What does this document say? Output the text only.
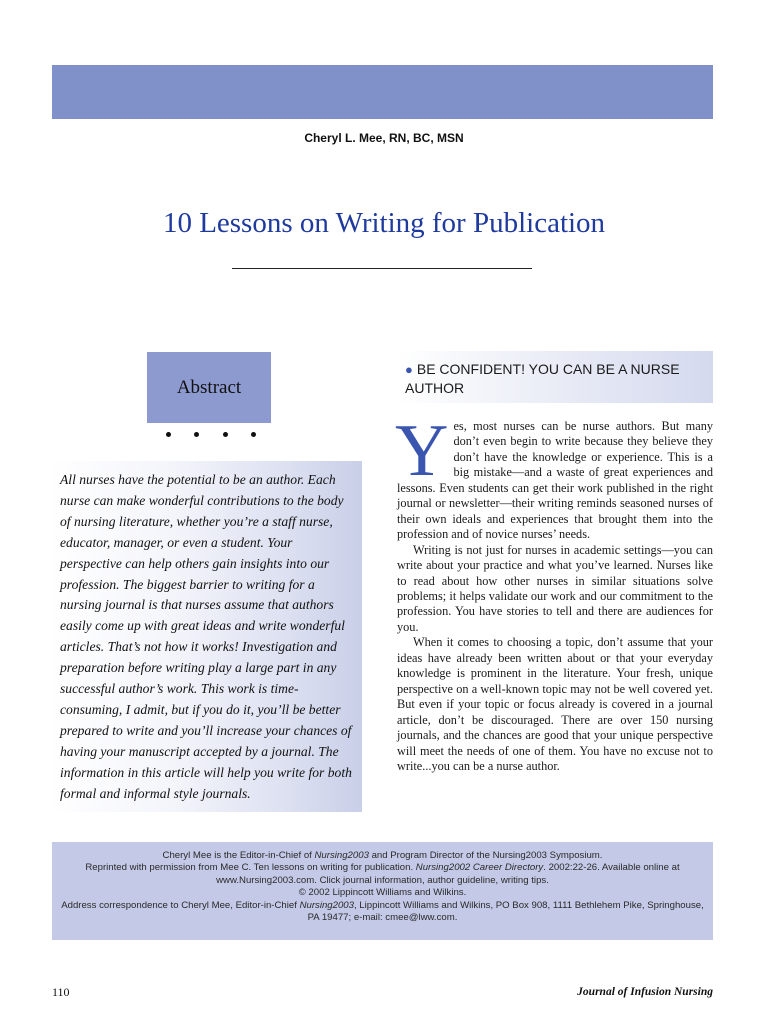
Cheryl L. Mee, RN, BC, MSN
10 Lessons on Writing for Publication
Abstract
All nurses have the potential to be an author. Each nurse can make wonderful contributions to the body of nursing literature, whether you’re a staff nurse, educator, manager, or even a student. Your perspective can help others gain insights into our profession. The biggest barrier to writing for a nursing journal is that nurses assume that authors easily come up with great ideas and write wonderful articles. That’s not how it works! Investigation and preparation before writing play a large part in any successful author’s work. This work is time-consuming, I admit, but if you do it, you’ll be better prepared to write and you’ll increase your chances of having your manuscript accepted by a journal. The information in this article will help you write for both formal and informal style journals.
● BE CONFIDENT! YOU CAN BE A NURSE AUTHOR

Yes, most nurses can be nurse authors. But many don’t even begin to write because they believe they don’t have the knowledge or experience. This is a big mistake—and a waste of great experiences and lessons. Even students can get their work published in the right journal or newsletter—their writing reminds seasoned nurses of their own ideals and experiences that brought them into the profession and of novice nurses’ needs.

Writing is not just for nurses in academic settings—you can write about your practice and what you’ve learned. Nurses like to read about how other nurses in similar situations solve problems; it helps validate our work and our commitment to the profession. You have stories to tell and there are audiences for you.

When it comes to choosing a topic, don’t assume that your ideas have already been written about or that your everyday knowledge is prominent in the literature. Your fresh, unique perspective on a well-known topic may not be well covered yet. But even if your topic or focus already is covered in a journal article, don’t be discouraged. There are over 150 nursing journals, and the chances are good that your unique perspective will meet the needs of one of them. You have no excuse not to write...you can be a nurse author.

Cheryl Mee is the Editor-in-Chief of Nursing2003 and Program Director of the Nursing2003 Symposium.
Reprinted with permission from Mee C. Ten lessons on writing for publication. Nursing2002 Career Directory. 2002:22-26. Available online at www.Nursing2003.com. Click journal information, author guideline, writing tips.
© 2002 Lippincott Williams and Wilkins.
Address correspondence to Cheryl Mee, Editor-in-Chief Nursing2003, Lippincott Williams and Wilkins, PO Box 908, 1111 Bethlehem Pike, Springhouse, PA 19477; e-mail: cmee@lww.com.
110	Journal of Infusion Nursing
